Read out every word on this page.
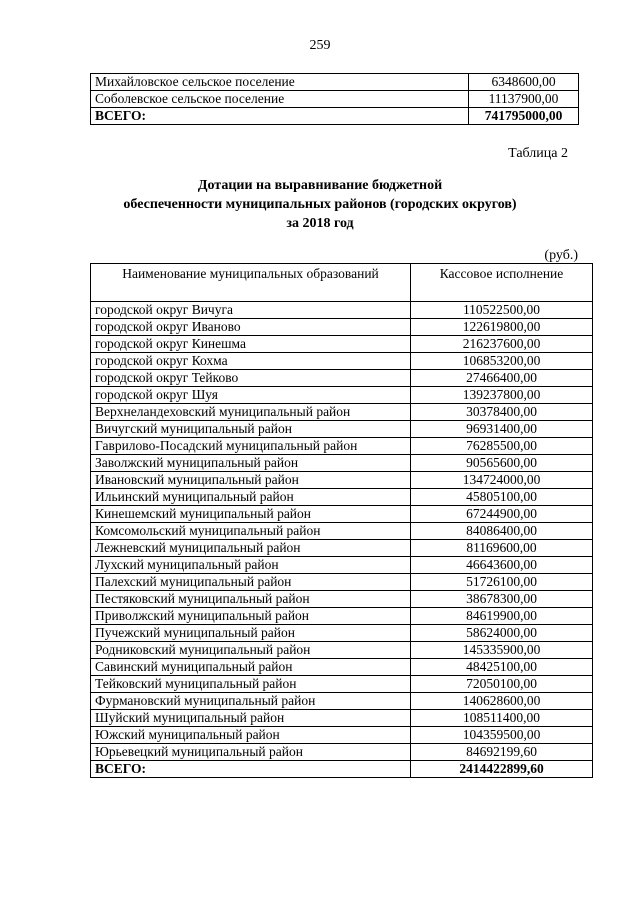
259
Михайловское сельское поселение	6348600,00
Соболевское сельское поселение	11137900,00
ВСЕГО:	741795000,00
Таблица 2
Дотации на выравнивание бюджетной
обеспеченности муниципальных районов (городских округов)
за 2018 год
(руб.)
Наименование муниципальных образований	Кассовое исполнение
городской округ Вичуга	110522500,00
городской округ Иваново	122619800,00
городской округ Кинешма	216237600,00
городской округ Кохма	106853200,00
городской округ Тейково	27466400,00
городской округ Шуя	139237800,00
Верхнеландеховский муниципальный район	30378400,00
Вичугский муниципальный район	96931400,00
Гаврилово-Посадский муниципальный район	76285500,00
Заволжский муниципальный район	90565600,00
Ивановский муниципальный район	134724000,00
Ильинский муниципальный район	45805100,00
Кинешемский муниципальный район	67244900,00
Комсомольский муниципальный район	84086400,00
Лежневский муниципальный район	81169600,00
Лухский муниципальный район	46643600,00
Палехский муниципальный район	51726100,00
Пестяковский муниципальный район	38678300,00
Приволжский муниципальный район	84619900,00
Пучежский муниципальный район	58624000,00
Родниковский муниципальный район	145335900,00
Савинский муниципальный район	48425100,00
Тейковский муниципальный район	72050100,00
Фурмановский муниципальный район	140628600,00
Шуйский муниципальный район	108511400,00
Южский муниципальный район	104359500,00
Юрьевецкий муниципальный район	84692199,60
ВСЕГО:	2414422899,60
